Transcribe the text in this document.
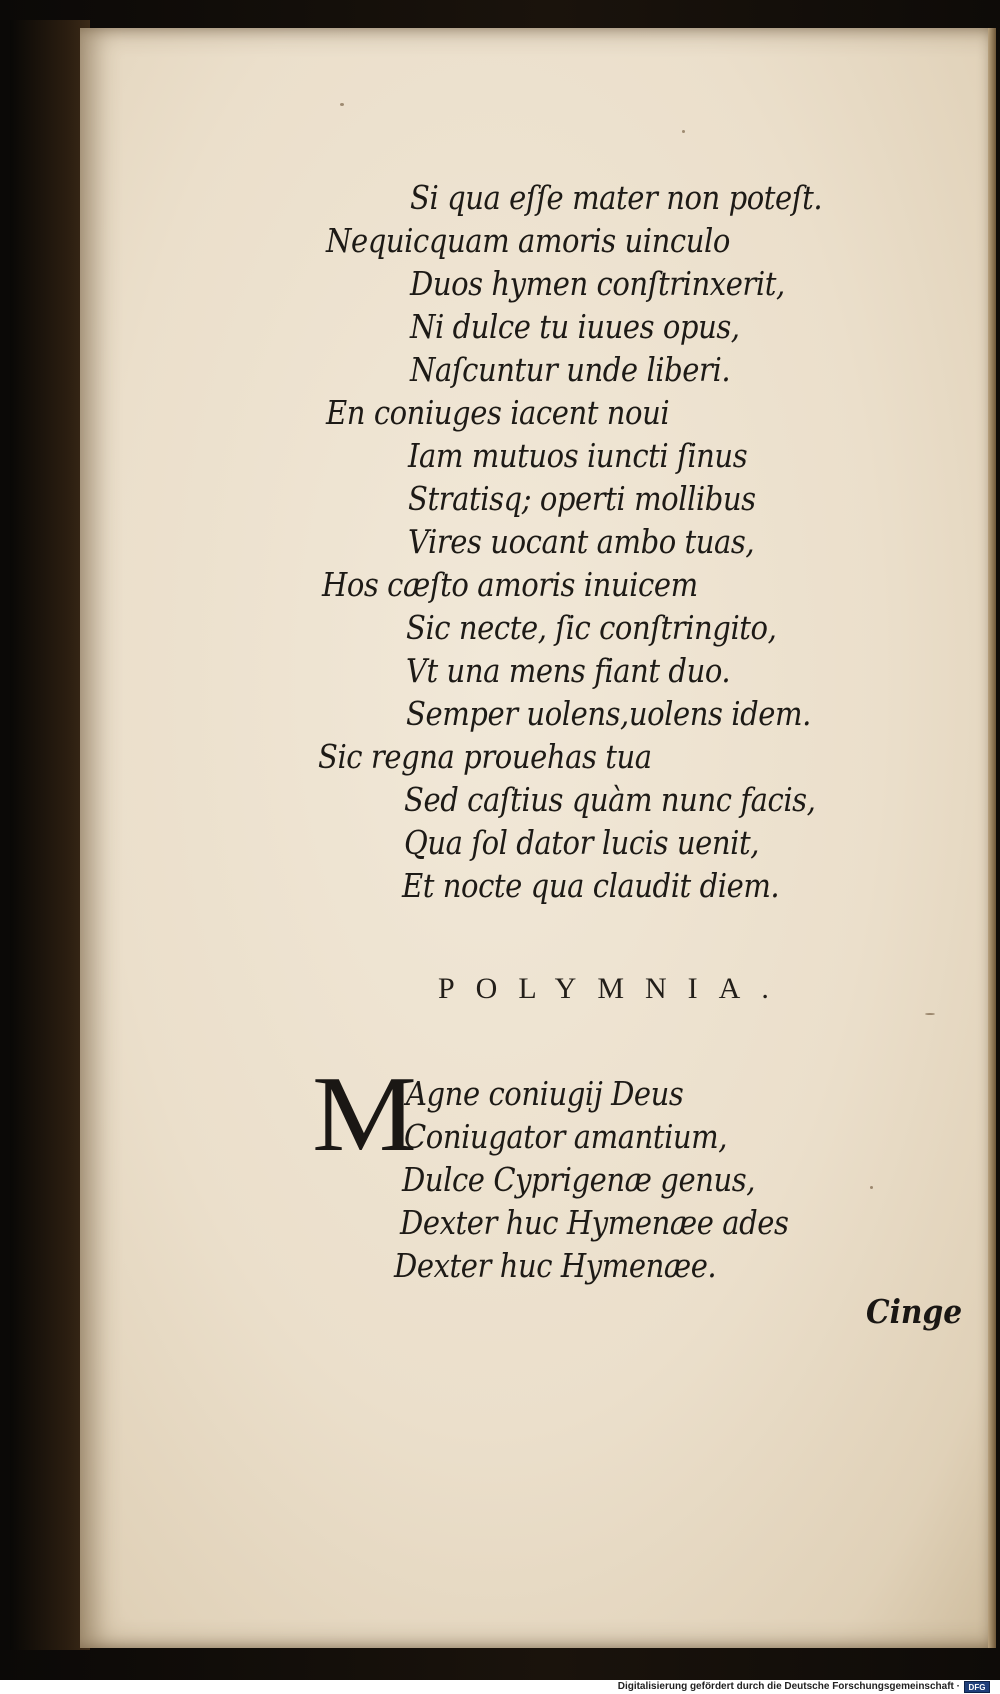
Si qua eſſe mater non poteſt.
Nequicquam amoris uinculo
Duos hymen conſtrinxerit,
Ni dulce tu iuues opus,
Naſcuntur unde liberi.
En coniuges iacent noui
Iam mutuos iuncti ſinus
Stratisq; operti mollibus
Vires uocant ambo tuas,
Hos cæſto amoris inuicem
Sic necte, ſic conſtringito,
Vt una mens fiant duo.
Semper uolens,uolens idem.
Sic regna prouehas tua
Sed caſtius quàm nunc facis,
Qua ſol dator lucis uenit,
Et nocte qua claudit diem.
POLYMNIA.
M
Agne coniugij Deus
Coniugator amantium,
Dulce Cyprigenæ genus,
Dexter huc Hymenæe ades
Dexter huc Hymenæe.
Cinge
Digitalisierung gefördert durch die Deutsche Forschungsgemeinschaft ·	DFG
